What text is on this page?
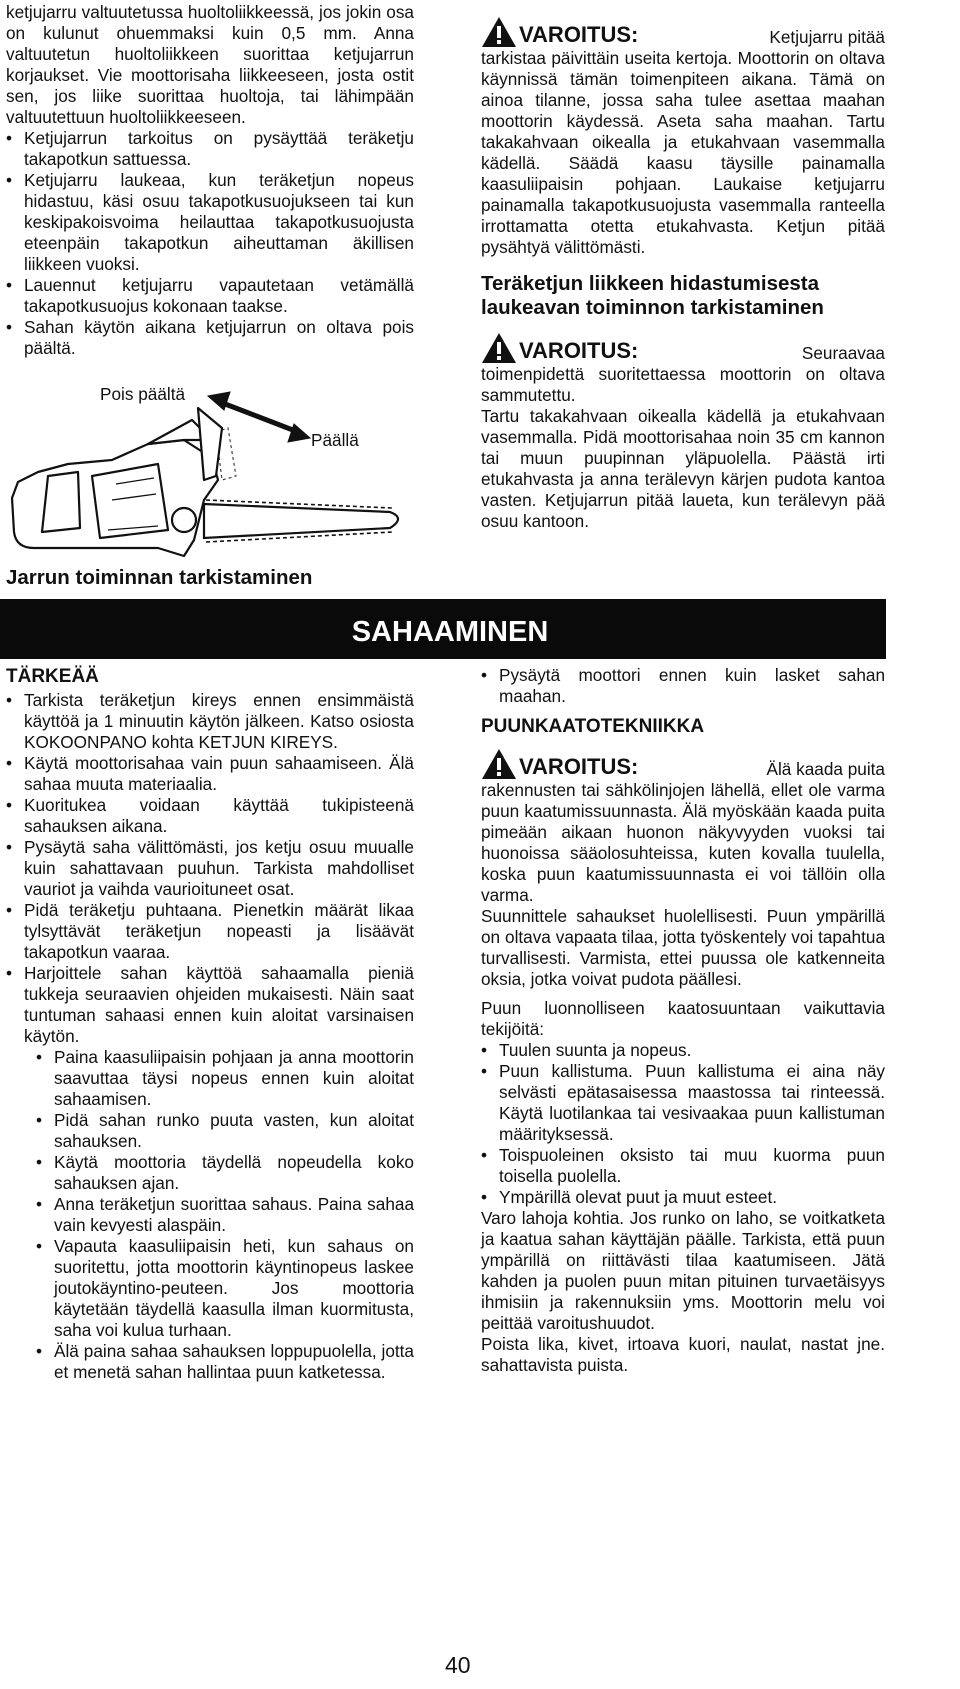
ketjujarru valtuutetussa huoltoliikkeessä, jos jokin osa on kulunut ohuemmaksi kuin 0,5 mm. Anna valtuutetun huoltoliikkeen suorittaa ketjujarrun korjaukset. Vie moottorisaha liikkeeseen, josta ostit sen, jos liike suorittaa huoltoja, tai lähimpään valtuutettuun huoltoliikkeeseen.

• Ketjujarrun tarkoitus on pysäyttää teräketju takapotkun sattuessa.
• Ketjujarru laukeaa, kun teräketjun nopeus hidastuu, käsi osuu takapotkusuojukseen tai kun keskipakoisvoima heilauttaa takapotkusuojusta eteenpäin takapotkun aiheuttaman äkillisen liikkeen vuoksi.
• Lauennut ketjujarru vapautetaan vetämällä takapotkusuojus kokonaan taakse.
• Sahan käytön aikana ketjujarrun on oltava pois päältä.
Pois päältä
Päällä
Jarrun toiminnan tarkistaminen
VAROITUS:	Ketjujarru pitää

tarkistaa päivittäin useita kertoja. Moottorin on oltava käynnissä tämän toimenpiteen aikana. Tämä on ainoa tilanne, jossa saha tulee asettaa maahan moottorin käydessä. Aseta saha maahan. Tartu takakahvaan oikealla ja etukahvaan vasemmalla kädellä. Säädä kaasu täysille painamalla kaasuliipaisin pohjaan. Laukaise ketjujarru painamalla takapotkusuojusta vasemmalla ranteella irrottamatta otetta etukahvasta. Ketjun pitää pysähtyä välittömästi.

Teräketjun liikkeen hidastumisesta laukeavan toiminnon tarkistaminen
VAROITUS:	Seuraavaa

toimenpidettä suoritettaessa moottorin on oltava sammutettu.

Tartu takakahvaan oikealla kädellä ja etukahvaan vasemmalla. Pidä moottorisahaa noin 35 cm kannon tai muun puupinnan yläpuolella. Päästä irti etukahvasta ja anna terälevyn kärjen pudota kantoa vasten. Ketjujarrun pitää laueta, kun terälevyn pää osuu kantoon.

SAHAAMINEN
TÄRKEÄÄ
• Tarkista teräketjun kireys ennen ensimmäistä käyttöä ja 1 minuutin käytön jälkeen. Katso osiosta KOKOONPANO kohta KETJUN KIREYS.
• Käytä moottorisahaa vain puun sahaamiseen. Älä sahaa muuta materiaalia.
• Kuoritukea voidaan käyttää tukipisteenä sahauksen aikana.
• Pysäytä saha välittömästi, jos ketju osuu muualle kuin sahattavaan puuhun. Tarkista mahdolliset vauriot ja vaihda vaurioituneet osat.
• Pidä teräketju puhtaana. Pienetkin määrät likaa tylsyttävät teräketjun nopeasti ja lisäävät takapotkun vaaraa.
• Harjoittele sahan käyttöä sahaamalla pieniä tukkeja seuraavien ohjeiden mukaisesti. Näin saat tuntuman sahaasi ennen kuin aloitat varsinaisen käytön.
• Paina kaasuliipaisin pohjaan ja anna moottorin saavuttaa täysi nopeus ennen kuin aloitat sahaamisen.
• Pidä sahan runko puuta vasten, kun aloitat sahauksen.
• Käytä moottoria täydellä nopeudella koko sahauksen ajan.
• Anna teräketjun suorittaa sahaus. Paina sahaa vain kevyesti alaspäin.
• Vapauta kaasuliipaisin heti, kun sahaus on suoritettu, jotta moottorin käyntinopeus laskee joutokäyntino-peuteen. Jos moottoria käytetään täydellä kaasulla ilman kuormitusta, saha voi kulua turhaan.
• Älä paina sahaa sahauksen loppupuolella, jotta et menetä sahan hallintaa puun katketessa.
• Pysäytä moottori ennen kuin lasket sahan maahan.
PUUNKAATOTEKNIIKKA
VAROITUS:	Älä kaada puita

rakennusten tai sähkölinjojen lähellä, ellet ole varma puun kaatumissuunnasta. Älä myöskään kaada puita pimeään aikaan huonon näkyvyyden vuoksi tai huonoissa sääolosuhteissa, kuten kovalla tuulella, koska puun kaatumissuunnasta ei voi tällöin olla varma.

Suunnittele sahaukset huolellisesti. Puun ympärillä on oltava vapaata tilaa, jotta työskentely voi tapahtua turvallisesti. Varmista, ettei puussa ole katkenneita oksia, jotka voivat pudota päällesi.

Puun luonnolliseen kaatosuuntaan vaikuttavia tekijöitä:

• Tuulen suunta ja nopeus.
• Puun kallistuma. Puun kallistuma ei aina näy selvästi epätasaisessa maastossa tai rinteessä. Käytä luotilankaa tai vesivaakaa puun kallistuman määrityksessä.
• Toispuoleinen oksisto tai muu kuorma puun toisella puolella.
• Ympärillä olevat puut ja muut esteet.

Varo lahoja kohtia. Jos runko on laho, se voitkatketa ja kaatua sahan käyttäjän päälle. Tarkista, että puun ympärillä on riittävästi tilaa kaatumiseen. Jätä kahden ja puolen puun mitan pituinen turvaetäisyys ihmisiin ja rakennuksiin yms. Moottorin melu voi peittää varoitushuudot.

Poista lika, kivet, irtoava kuori, naulat, nastat jne. sahattavista puista.

40
